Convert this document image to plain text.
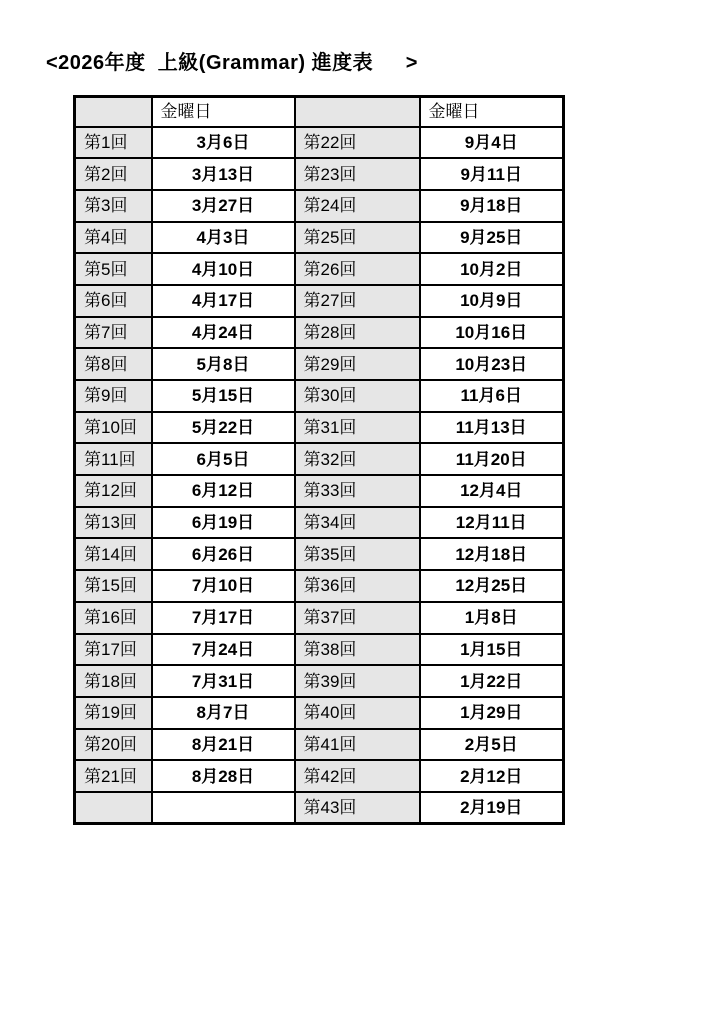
<2026年度  上級(Grammar) 進度表　  >
	金曜日		金曜日
第1回	3月6日	第22回	9月4日
第2回	3月13日	第23回	9月11日
第3回	3月27日	第24回	9月18日
第4回	4月3日	第25回	9月25日
第5回	4月10日	第26回	10月2日
第6回	4月17日	第27回	10月9日
第7回	4月24日	第28回	10月16日
第8回	5月8日	第29回	10月23日
第9回	5月15日	第30回	11月6日
第10回	5月22日	第31回	11月13日
第11回	6月5日	第32回	11月20日
第12回	6月12日	第33回	12月4日
第13回	6月19日	第34回	12月11日
第14回	6月26日	第35回	12月18日
第15回	7月10日	第36回	12月25日
第16回	7月17日	第37回	1月8日
第17回	7月24日	第38回	1月15日
第18回	7月31日	第39回	1月22日
第19回	8月7日	第40回	1月29日
第20回	8月21日	第41回	2月5日
第21回	8月28日	第42回	2月12日
		第43回	2月19日
